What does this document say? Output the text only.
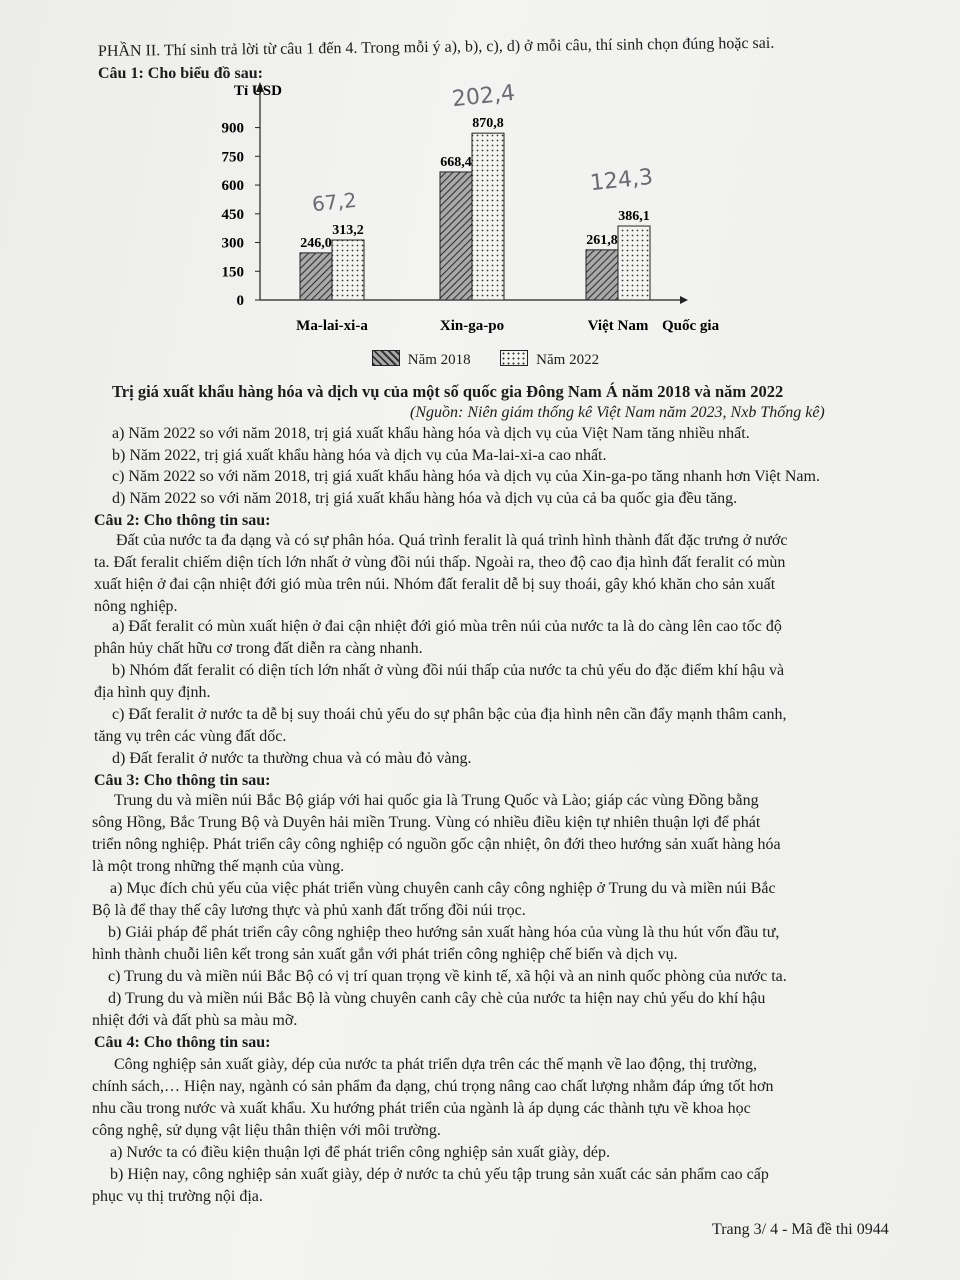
PHẦN II. Thí sinh trả lời từ câu 1 đến 4. Trong mỗi ý a), b), c), d) ở mỗi câu, thí sinh chọn đúng hoặc sai.
Câu 1: Cho biểu đồ sau:
Tỉ USD
Quốc gia
0
150
300
450
600
750
900
Ma-lai-xi-a
246,0
313,2
Xin-ga-po
668,4
870,8
Việt Nam
261,8
386,1
Năm 2018	Năm 2022
202,4
67,2
124,3
Trị giá xuất khẩu hàng hóa và dịch vụ của một số quốc gia Đông Nam Á năm 2018 và năm 2022
(Nguồn: Niên giám thống kê Việt Nam năm 2023, Nxb Thống kê)
a) Năm 2022 so với năm 2018, trị giá xuất khẩu hàng hóa và dịch vụ của Việt Nam tăng nhiều nhất.
b) Năm 2022, trị giá xuất khẩu hàng hóa và dịch vụ của Ma-lai-xi-a cao nhất.
c) Năm 2022 so với năm 2018, trị giá xuất khẩu hàng hóa và dịch vụ của Xin-ga-po tăng nhanh hơn Việt Nam.
d) Năm 2022 so với năm 2018, trị giá xuất khẩu hàng hóa và dịch vụ của cả ba quốc gia đều tăng.
Câu 2: Cho thông tin sau:
Đất của nước ta đa dạng và có sự phân hóa. Quá trình feralit là quá trình hình thành đất đặc trưng ở nước
ta. Đất feralit chiếm diện tích lớn nhất ở vùng đồi núi thấp. Ngoài ra, theo độ cao địa hình đất feralit có mùn
xuất hiện ở đai cận nhiệt đới gió mùa trên núi. Nhóm đất feralit dễ bị suy thoái, gây khó khăn cho sản xuất
nông nghiệp.
a) Đất feralit có mùn xuất hiện ở đai cận nhiệt đới gió mùa trên núi của nước ta là do càng lên cao tốc độ
phân hủy chất hữu cơ trong đất diễn ra càng nhanh.
b) Nhóm đất feralit có diện tích lớn nhất ở vùng đồi núi thấp của nước ta chủ yếu do đặc điểm khí hậu và
địa hình quy định.
c) Đất feralit ở nước ta dễ bị suy thoái chủ yếu do sự phân bậc của địa hình nên cần đẩy mạnh thâm canh,
tăng vụ trên các vùng đất dốc.
d) Đất feralit ở nước ta thường chua và có màu đỏ vàng.
Câu 3: Cho thông tin sau:
Trung du và miền núi Bắc Bộ giáp với hai quốc gia là Trung Quốc và Lào; giáp các vùng Đồng bằng
sông Hồng, Bắc Trung Bộ và Duyên hải miền Trung. Vùng có nhiều điều kiện tự nhiên thuận lợi để phát
triển nông nghiệp. Phát triển cây công nghiệp có nguồn gốc cận nhiệt, ôn đới theo hướng sản xuất hàng hóa
là một trong những thế mạnh của vùng.
a) Mục đích chủ yếu của việc phát triển vùng chuyên canh cây công nghiệp ở Trung du và miền núi Bắc
Bộ là để thay thế cây lương thực và phủ xanh đất trống đồi núi trọc.
b) Giải pháp để phát triển cây công nghiệp theo hướng sản xuất hàng hóa của vùng là thu hút vốn đầu tư,
hình thành chuỗi liên kết trong sản xuất gắn với phát triển công nghiệp chế biến và dịch vụ.
c) Trung du và miền núi Bắc Bộ có vị trí quan trọng về kinh tế, xã hội và an ninh quốc phòng của nước ta.
d) Trung du và miền núi Bắc Bộ là vùng chuyên canh cây chè của nước ta hiện nay chủ yếu do khí hậu
nhiệt đới và đất phù sa màu mỡ.
Câu 4: Cho thông tin sau:
Công nghiệp sản xuất giày, dép của nước ta phát triển dựa trên các thế mạnh về lao động, thị trường,
chính sách,… Hiện nay, ngành có sản phẩm đa dạng, chú trọng nâng cao chất lượng nhằm đáp ứng tốt hơn
nhu cầu trong nước và xuất khẩu. Xu hướng phát triển của ngành là áp dụng các thành tựu về khoa học
công nghệ, sử dụng vật liệu thân thiện với môi trường.
a) Nước ta có điều kiện thuận lợi để phát triển công nghiệp sản xuất giày, dép.
b) Hiện nay, công nghiệp sản xuất giày, dép ở nước ta chủ yếu tập trung sản xuất các sản phẩm cao cấp
phục vụ thị trường nội địa.
Trang 3/ 4 - Mã đề thi 0944
